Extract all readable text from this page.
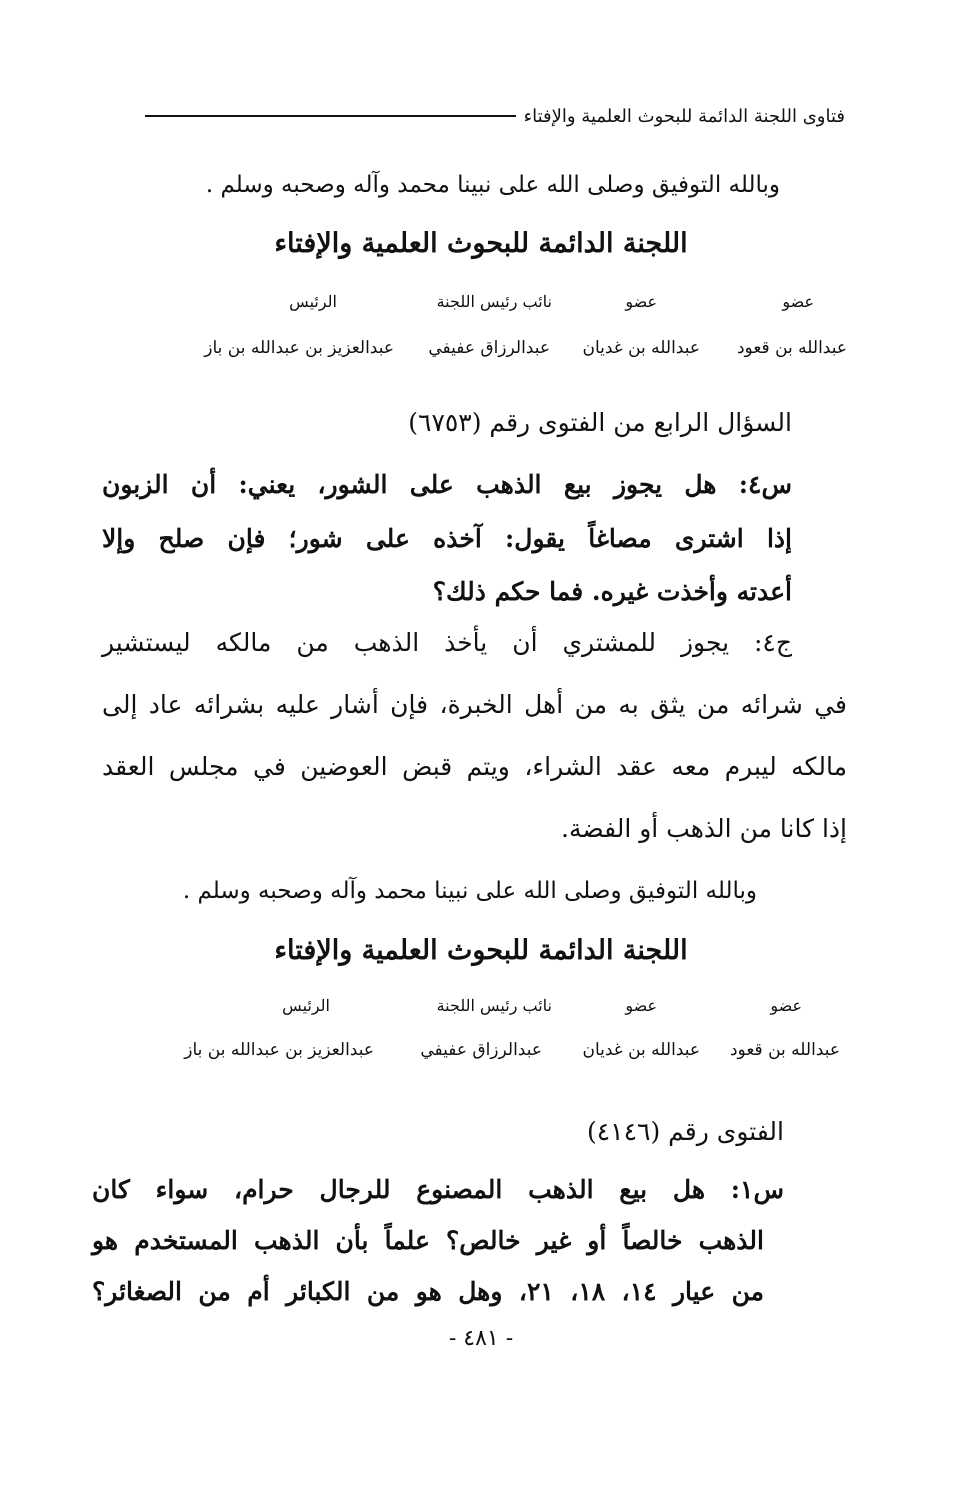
فتاوى اللجنة الدائمة للبحوث العلمية والإفتاء
وبالله التوفيق وصلى الله على نبينا محمد وآله وصحبه وسلم .
اللجنة الدائمة للبحوث العلمية والإفتاء
عضو
عضو
نائب رئيس اللجنة
الرئيس
عبدالله بن قعود
عبدالله بن غديان
عبدالرزاق عفيفي
عبدالعزيز بن عبدالله بن باز
السؤال الرابع من الفتوى رقم (٦٧٥٣)
س٤: هل يجوز بيع الذهب على الشور، يعني: أن الزبون
إذا اشترى مصاغاً يقول: آخذه على شور؛ فإن صلح وإلا
أعدته وأخذت غيره. فما حكم ذلك؟
ج٤: يجوز للمشتري أن يأخذ الذهب من مالكه ليستشير
في شرائه من يثق به من أهل الخبرة، فإن أشار عليه بشرائه عاد إلى
مالكه ليبرم معه عقد الشراء، ويتم قبض العوضين في مجلس العقد
إذا كانا من الذهب أو الفضة.
وبالله التوفيق وصلى الله على نبينا محمد وآله وصحبه وسلم .
اللجنة الدائمة للبحوث العلمية والإفتاء
عضو
عضو
نائب رئيس اللجنة
الرئيس
عبدالله بن قعود
عبدالله بن غديان
عبدالرزاق عفيفي
عبدالعزيز بن عبدالله بن باز
الفتوى رقم (٤١٤٦)
س١: هل بيع الذهب المصنوع للرجال حرام، سواء كان
الذهب خالصاً أو غير خالص؟ علماً بأن الذهب المستخدم هو
من عيار ١٤، ١٨، ٢١، وهل هو من الكبائر أم من الصغائر؟
- ٤٨١ -
